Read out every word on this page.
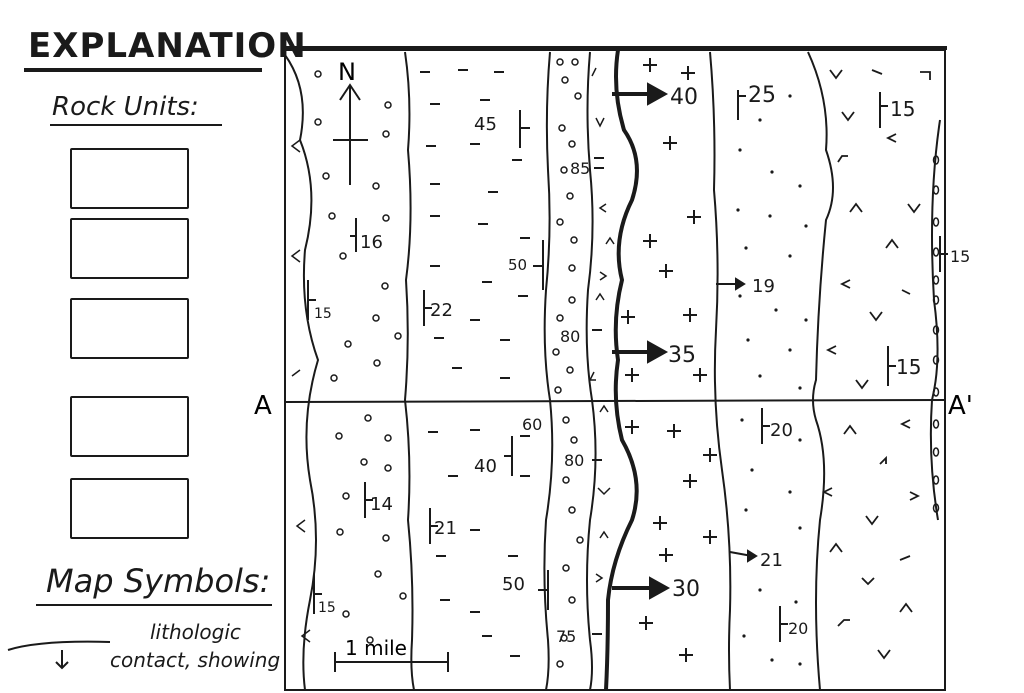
EXPLANATION
Rock Units:
Map Symbols:
lithologic
contact, showing
A	A'
N
1 mile
16
15
14
15
45
22
40
21
50
85
80
60
80
50
75
40
35
30
25
19
20
21
20
15
15
15
